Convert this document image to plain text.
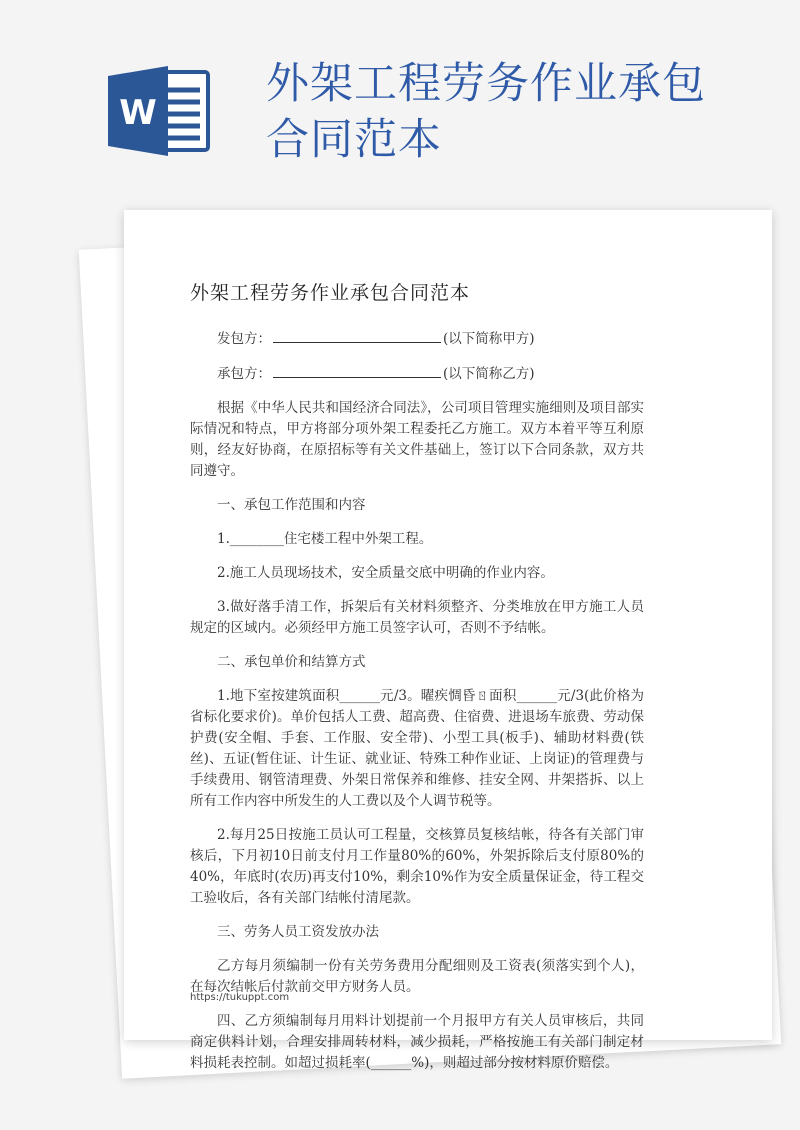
W
外架工程劳务作业承包合同范本
外架工程劳务作业承包合同范本
发包方：	(以下简称甲方)
承包方：	(以下简称乙方)

根据《中华人民共和国经济合同法》，公司项目管理实施细则及项目部实际情况和特点，甲方将部分项外架工程委托乙方施工。双方本着平等互利原则，经友好协商，在原招标等有关文件基础上，签订以下合同条款，双方共同遵守。

一、承包工作范围和内容

1.________住宅楼工程中外架工程。

2.施工人员现场技术，安全质量交底中明确的作业内容。

3.做好落手清工作，拆架后有关材料须整齐、分类堆放在甲方施工人员规定的区域内。必须经甲方施工员签字认可，否则不予结帐。

二、承包单价和结算方式

1.地下室按建筑面积______元/3。曜疾惆昏ㄖ面积______元/3(此价格为省标化要求价)。单价包括人工费、超高费、住宿费、进退场车旅费、劳动保护费(安全帽、手套、工作服、安全带)、小型工具(板手)、辅助材料费(铁丝)、五证(暂住证、计生证、就业证、特殊工种作业证、上岗证)的管理费与手续费用、钢管清理费、外架日常保养和维修、挂安全网、井架搭拆、以上所有工作内容中所发生的人工费以及个人调节税等。

2.每月25日按施工员认可工程量，交核算员复核结帐，待各有关部门审核后，下月初10日前支付月工作量80%的60%，外架拆除后支付原80%的40%，年底时(农历)再支付10%，剩余10%作为安全质量保证金，待工程交工验收后，各有关部门结帐付清尾款。

三、劳务人员工资发放办法

乙方每月须编制一份有关劳务费用分配细则及工资表(须落实到个人)，在每次结帐后付款前交甲方财务人员。

四、乙方须编制每月用料计划提前一个月报甲方有关人员审核后，共同商定供料计划，合理安排周转材料，减少损耗，严格按施工有关部门制定材料损耗表控制。如超过损耗率(______%)，则超过部分按材料原价赔偿。

https://tukuppt.com
